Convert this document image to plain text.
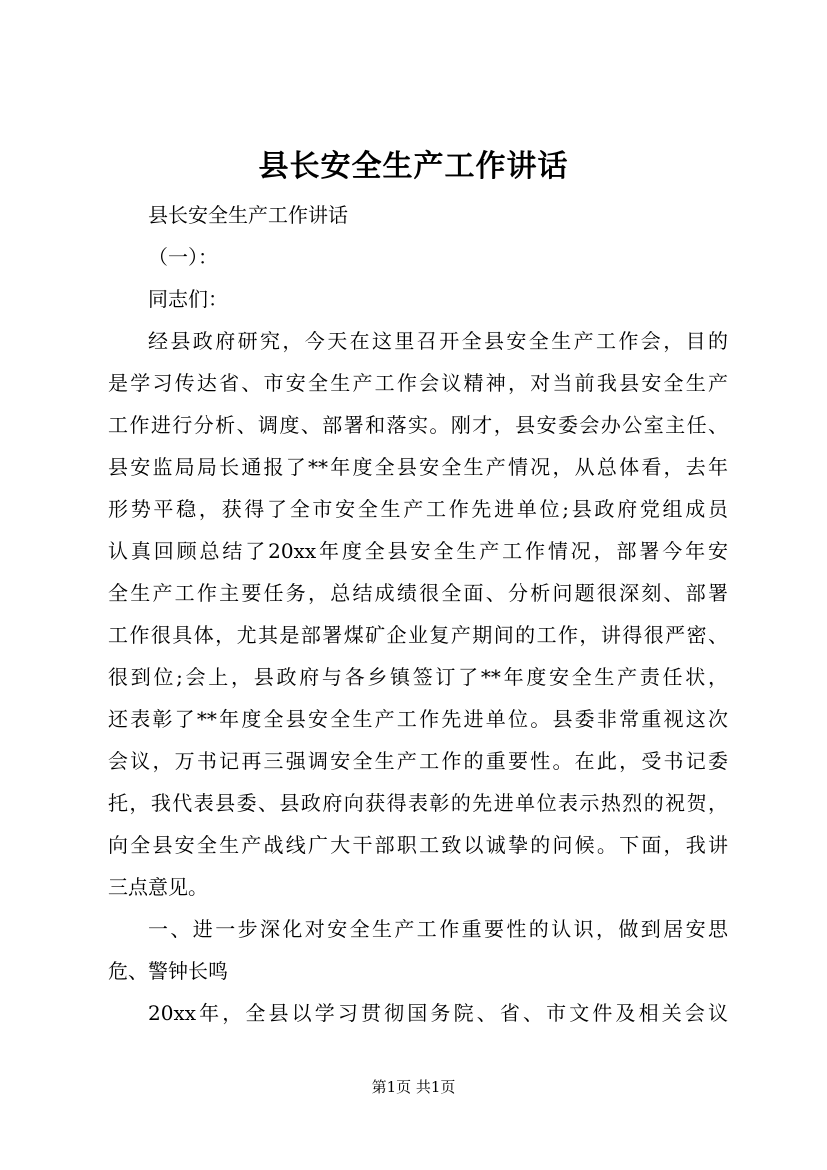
县长安全生产工作讲话
县长安全生产工作讲话
（一）：
同志们：
经县政府研究，今天在这里召开全县安全生产工作会，目的
是学习传达省、市安全生产工作会议精神，对当前我县安全生产
工作进行分析、调度、部署和落实。刚才，县安委会办公室主任、
县安监局局长通报了**年度全县安全生产情况，从总体看，去年
形势平稳，获得了全市安全生产工作先进单位;县政府党组成员
认真回顾总结了20xx年度全县安全生产工作情况，部署今年安
全生产工作主要任务，总结成绩很全面、分析问题很深刻、部署
工作很具体，尤其是部署煤矿企业复产期间的工作，讲得很严密、
很到位;会上，县政府与各乡镇签订了**年度安全生产责任状，
还表彰了**年度全县安全生产工作先进单位。县委非常重视这次
会议，万书记再三强调安全生产工作的重要性。在此，受书记委
托，我代表县委、县政府向获得表彰的先进单位表示热烈的祝贺，
向全县安全生产战线广大干部职工致以诚挚的问候。下面，我讲
三点意见。
一、进一步深化对安全生产工作重要性的认识，做到居安思
危、警钟长鸣
20xx年，全县以学习贯彻国务院、省、市文件及相关会议
第1页 共1页
